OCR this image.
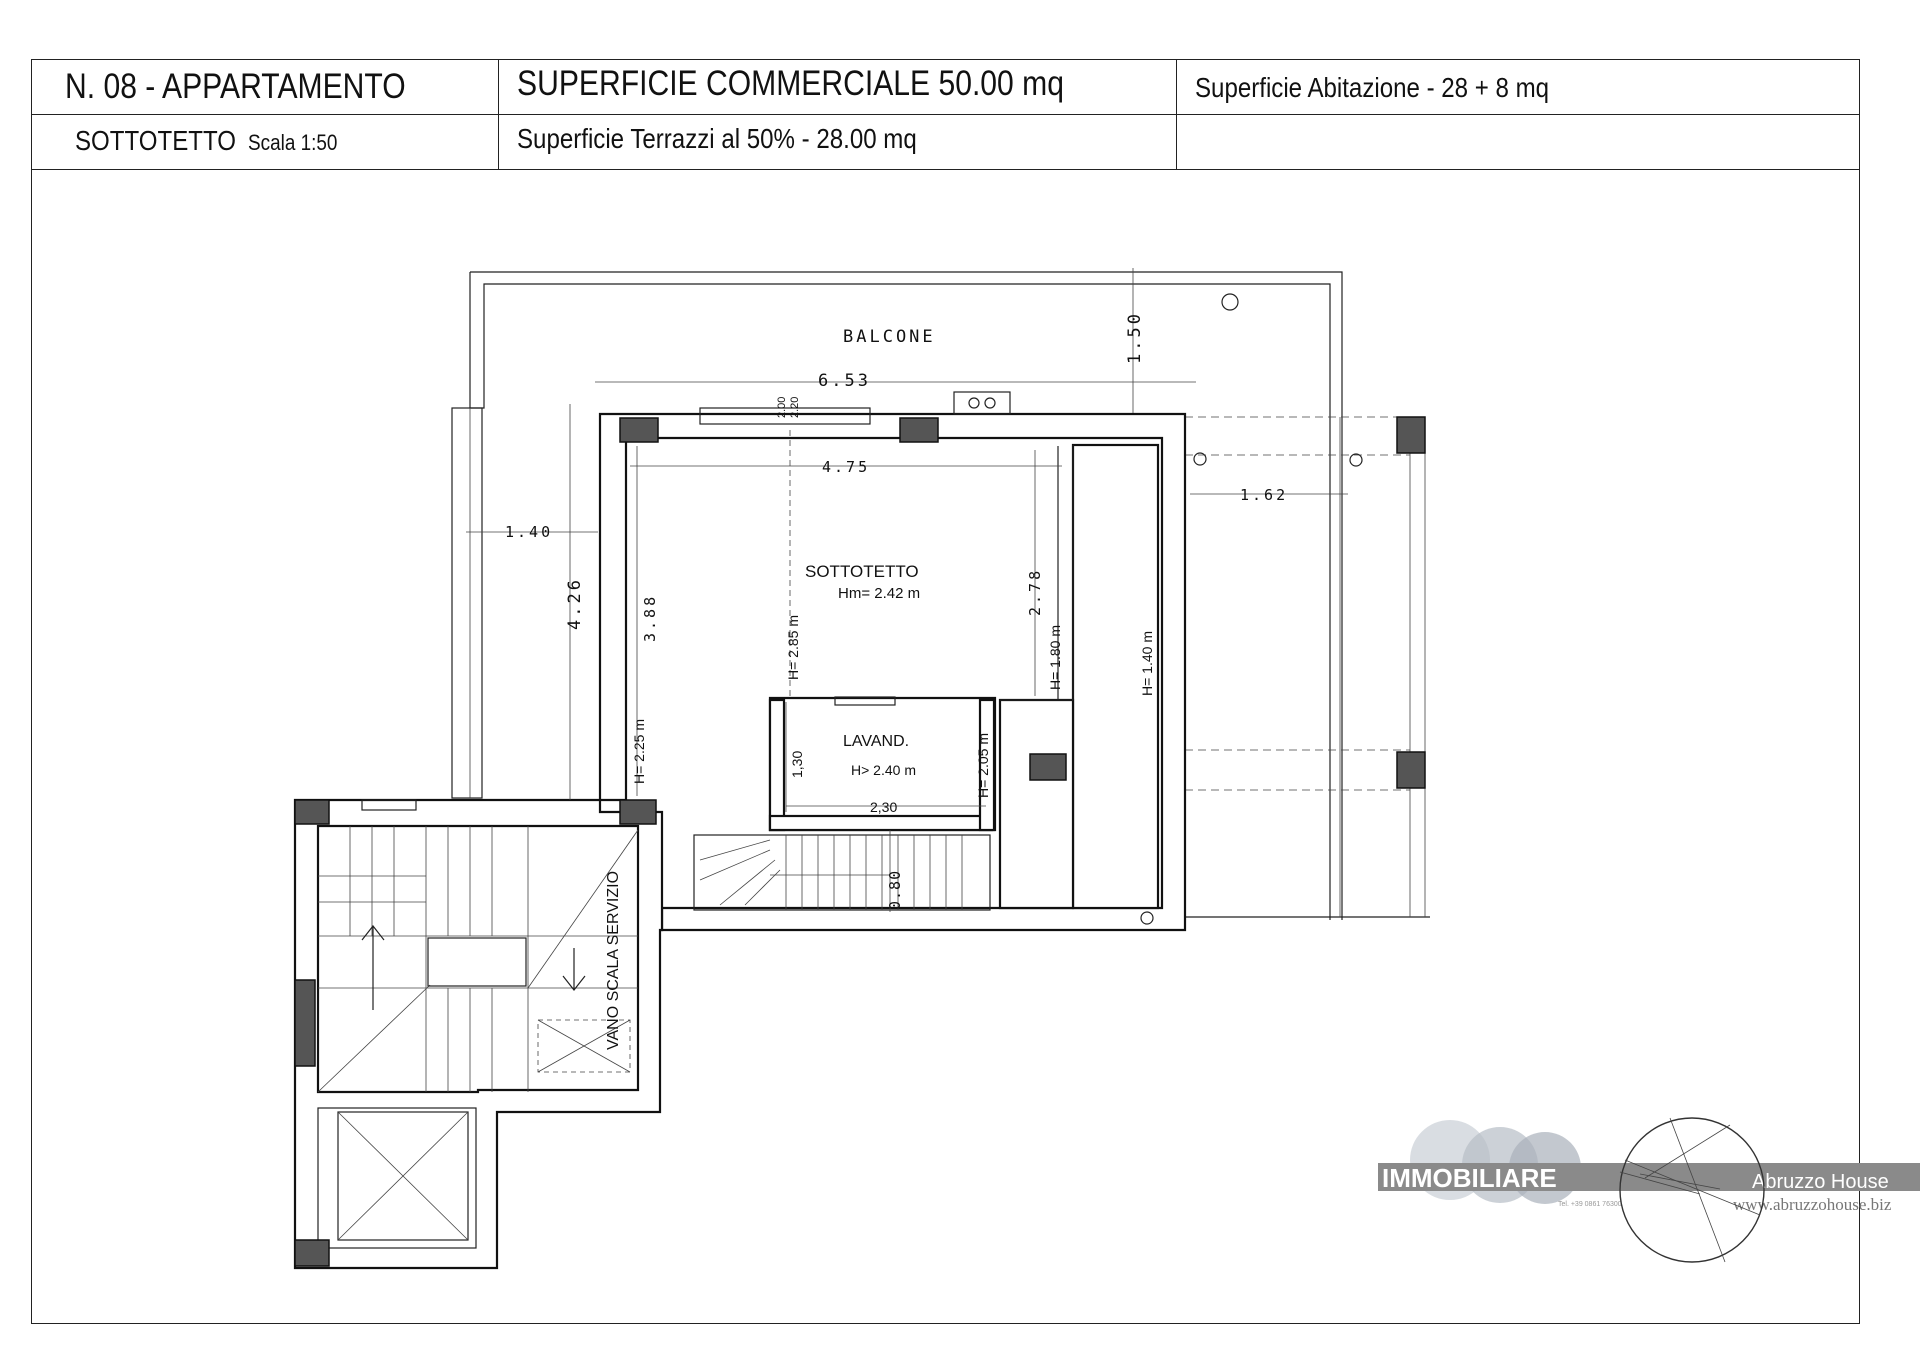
N. 08 - APPARTAMENTO	SUPERFICIE COMMERCIALE 50.00 mq	Superficie Abitazione - 28 + 8 mq
SOTTOTETTO Scala 1:50	Superficie Terrazzi al 50% - 28.00 mq
BALCONE
6.53
4.75
1.40
1.62
1.50
4.26	3.88
2.78
0.80
2.00 2.20
SOTTOTETTO
Hm= 2.42 m
LAVAND.
H> 2.40 m
2,30
1,30
VANO SCALA SERVIZIO
H= 2.85 m	H= 1.80 m	H= 1.40 m
H= 2.25 m	H= 2.05 m
IMMOBILIARE	Abruzzo House
www.abruzzohouse.biz
Tel. +39 0861 76300
